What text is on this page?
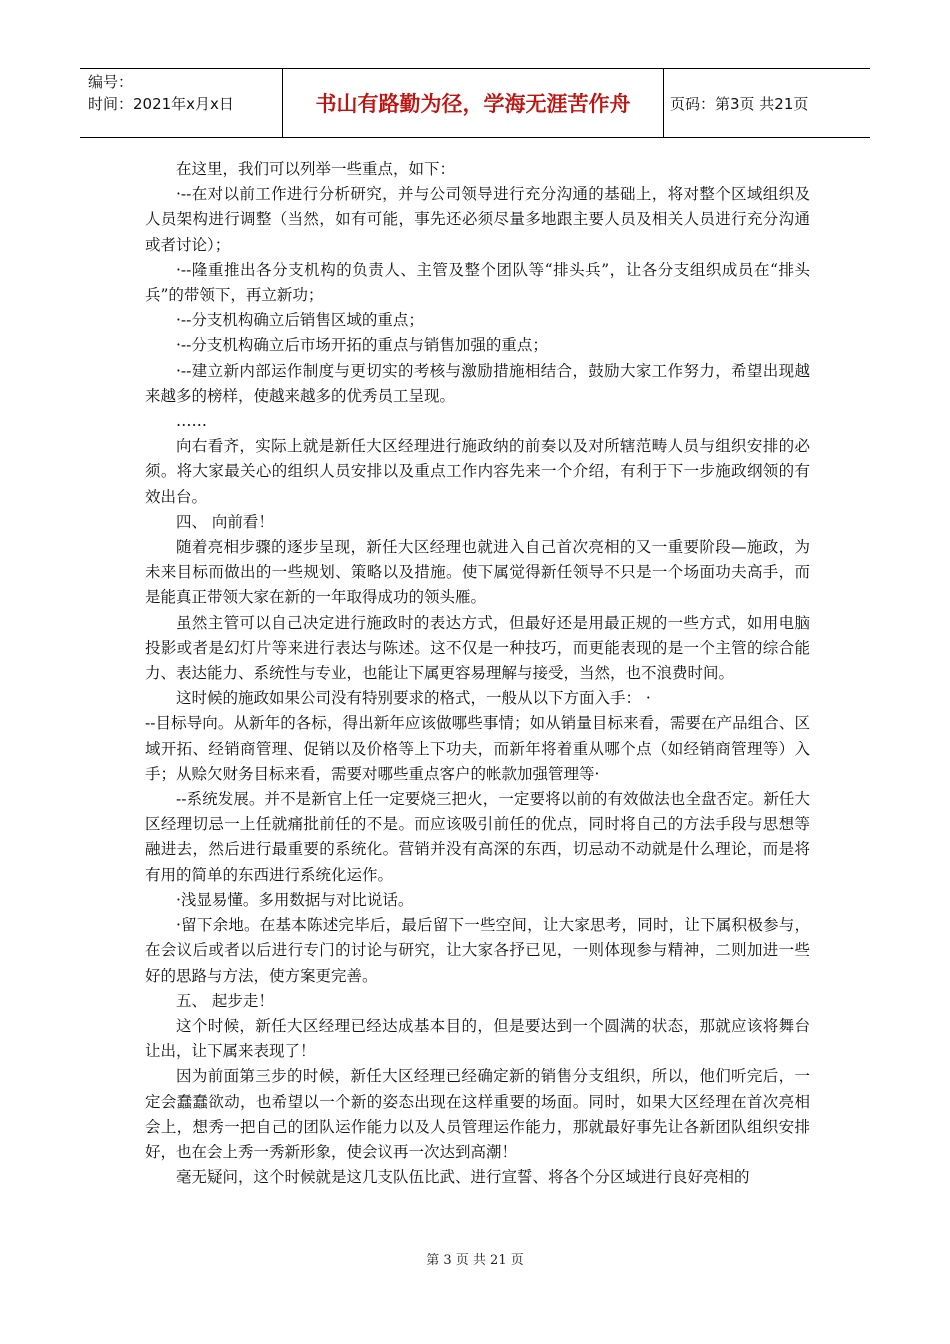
编号：
时间：2021年x月x日	书山有路勤为径，学海无涯苦作舟	页码：第3页 共21页

在这里，我们可以列举一些重点，如下：

·--在对以前工作进行分析研究，并与公司领导进行充分沟通的基础上，将对整个区域组织及人员架构进行调整（当然，如有可能，事先还必须尽量多地跟主要人员及相关人员进行充分沟通或者讨论）；

·--隆重推出各分支机构的负责人、主管及整个团队等“排头兵”，让各分支组织成员在“排头兵”的带领下，再立新功；

·--分支机构确立后销售区域的重点；

·--分支机构确立后市场开拓的重点与销售加强的重点；

·--建立新内部运作制度与更切实的考核与激励措施相结合，鼓励大家工作努力，希望出现越来越多的榜样，使越来越多的优秀员工呈现。

……

向右看齐，实际上就是新任大区经理进行施政纳的前奏以及对所辖范畴人员与组织安排的必须。将大家最关心的组织人员安排以及重点工作内容先来一个介绍，有利于下一步施政纲领的有效出台。

四、 向前看！

随着亮相步骤的逐步呈现，新任大区经理也就进入自己首次亮相的又一重要阶段—施政，为未来目标而做出的一些规划、策略以及措施。使下属觉得新任领导不只是一个场面功夫高手，而是能真正带领大家在新的一年取得成功的领头雁。

虽然主管可以自己决定进行施政时的表达方式，但最好还是用最正规的一些方式，如用电脑投影或者是幻灯片等来进行表达与陈述。这不仅是一种技巧，而更能表现的是一个主管的综合能力、表达能力、系统性与专业，也能让下属更容易理解与接受，当然，也不浪费时间。

这时候的施政如果公司没有特别要求的格式，一般从以下方面入手： ·

--目标导向。从新年的各标，得出新年应该做哪些事情；如从销量目标来看，需要在产品组合、区域开拓、经销商管理、促销以及价格等上下功夫，而新年将着重从哪个点（如经销商管理等）入手；从赊欠财务目标来看，需要对哪些重点客户的帐款加强管理等·

--系统发展。并不是新官上任一定要烧三把火，一定要将以前的有效做法也全盘否定。新任大区经理切忌一上任就痛批前任的不是。而应该吸引前任的优点，同时将自己的方法手段与思想等融进去，然后进行最重要的系统化。营销并没有高深的东西，切忌动不动就是什么理论，而是将有用的简单的东西进行系统化运作。

·浅显易懂。多用数据与对比说话。

·留下余地。在基本陈述完毕后，最后留下一些空间，让大家思考，同时，让下属积极参与，在会议后或者以后进行专门的讨论与研究，让大家各抒已见，一则体现参与精神，二则加进一些好的思路与方法，使方案更完善。

五、 起步走！

这个时候，新任大区经理已经达成基本目的，但是要达到一个圆满的状态，那就应该将舞台让出，让下属来表现了！

因为前面第三步的时候，新任大区经理已经确定新的销售分支组织，所以，他们听完后，一定会蠢蠢欲动，也希望以一个新的姿态出现在这样重要的场面。同时，如果大区经理在首次亮相会上，想秀一把自己的团队运作能力以及人员管理运作能力，那就最好事先让各新团队组织安排好，也在会上秀一秀新形象，使会议再一次达到高潮！

毫无疑问，这个时候就是这几支队伍比武、进行宣誓、将各个分区域进行良好亮相的

第 3 页 共 21 页
